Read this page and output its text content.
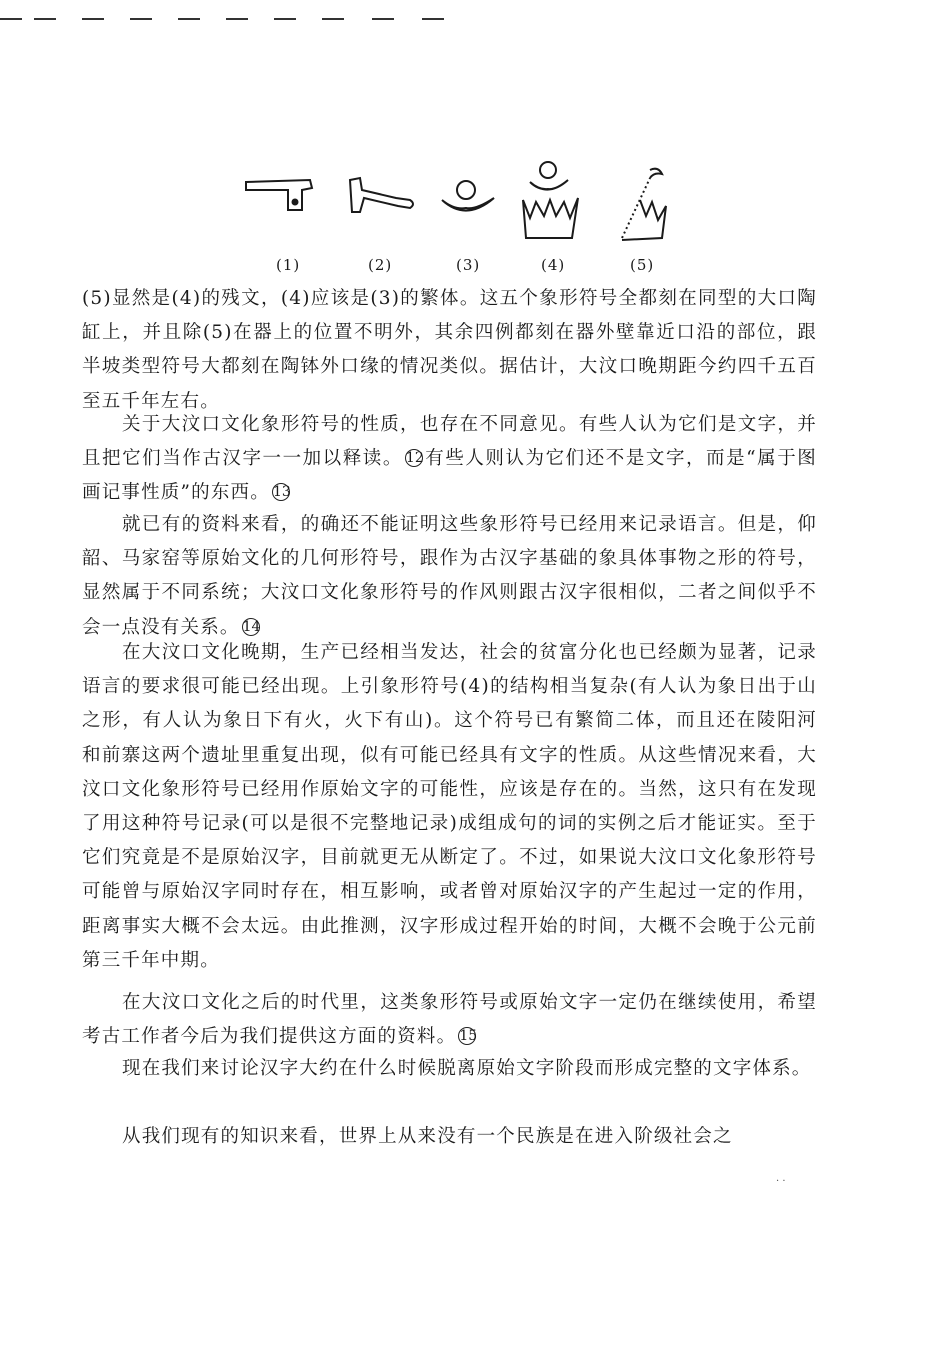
(1)	(2)	(3)	(4)	(5)
(5)显然是(4)的残文，(4)应该是(3)的繁体。这五个象形符号全都刻在同型的大口陶缸上，并且除(5)在器上的位置不明外，其余四例都刻在器外壁靠近口沿的部位，跟半坡类型符号大都刻在陶钵外口缘的情况类似。据估计，大汶口晚期距今约四千五百至五千年左右。
关于大汶口文化象形符号的性质，也存在不同意见。有些人认为它们是文字，并且把它们当作古汉字一一加以释读。 12有些人则认为它们还不是文字，而是“属于图画记事性质”的东西。 13
就已有的资料来看，的确还不能证明这些象形符号已经用来记录语言。但是，仰韶、马家窑等原始文化的几何形符号，跟作为古汉字基础的象具体事物之形的符号，显然属于不同系统；大汶口文化象形符号的作风则跟古汉字很相似，二者之间似乎不会一点没有关系。 14
在大汶口文化晚期，生产已经相当发达，社会的贫富分化也已经颇为显著，记录语言的要求很可能已经出现。上引象形符号(4)的结构相当复杂(有人认为象日出于山之形，有人认为象日下有火，火下有山)。这个符号已有繁简二体，而且还在陵阳河和前寨这两个遗址里重复出现，似有可能已经具有文字的性质。从这些情况来看，大汶口文化象形符号已经用作原始文字的可能性，应该是存在的。当然，这只有在发现了用这种符号记录(可以是很不完整地记录)成组成句的词的实例之后才能证实。至于它们究竟是不是原始汉字，目前就更无从断定了。不过，如果说大汶口文化象形符号可能曾与原始汉字同时存在，相互影响，或者曾对原始汉字的产生起过一定的作用，距离事实大概不会太远。由此推测，汉字形成过程开始的时间，大概不会晚于公元前第三千年中期。
在大汶口文化之后的时代里，这类象形符号或原始文字一定仍在继续使用，希望考古工作者今后为我们提供这方面的资料。 15
现在我们来讨论汉字大约在什么时候脱离原始文字阶段而形成完整的文字体系。
从我们现有的知识来看，世界上从来没有一个民族是在进入阶级社会之
· ·
